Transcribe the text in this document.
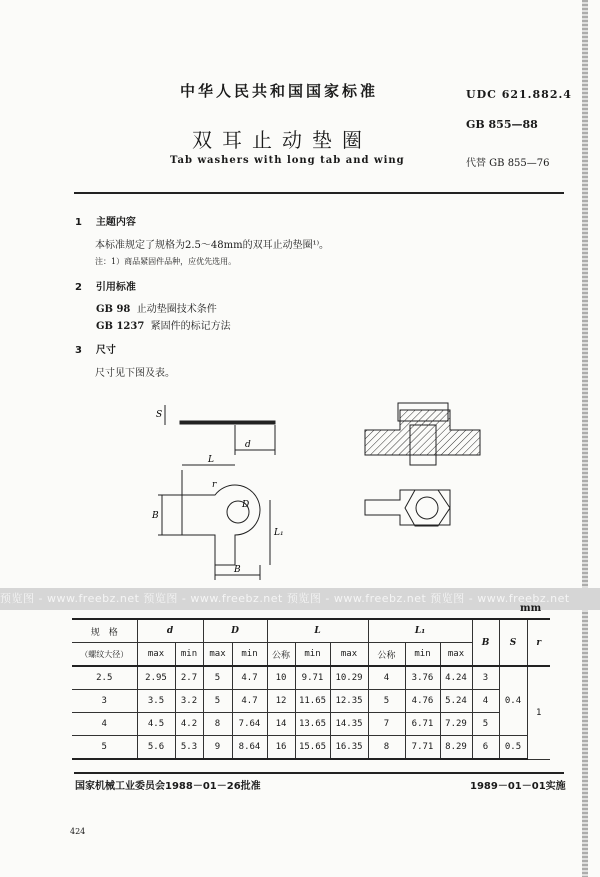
中华人民共和国国家标准
双耳止动垫圈
Tab washers with long tab and wing
UDC 621.882.4
GB 855—88
代替 GB 855—76
1 主题内容
本标准规定了规格为2.5～48mm的双耳止动垫圈¹⁾。
注：1）商品紧固件品种，应优先选用。
2 引用标准
GB 98 止动垫圈技术条件
GB 1237 紧固件的标记方法
3 尺寸
尺寸见下图及表。
S
d
L
B
r
D
L₁
B
预览图 - www.freebz.net 预览图 - www.freebz.net 预览图 - www.freebz.net 预览图 - www.freebz.net
mm
规　格	d		D		L			L₁			B	S	r
（螺纹大径）	max	min	max	min	公称	min	max	公称	min	max			
2.5	2.95	2.7	5	4.7	10	9.71	10.29	4	3.76	4.24	3	0.4	1
3	3.5	3.2	5	4.7	12	11.65	12.35	5	4.76	5.24	4		
4	4.5	4.2	8	7.64	14	13.65	14.35	7	6.71	7.29	5		
5	5.6	5.3	9	8.64	16	15.65	16.35	8	7.71	8.29	6	0.5	
国家机械工业委员会1988－01－26批准	1989－01－01实施
424
